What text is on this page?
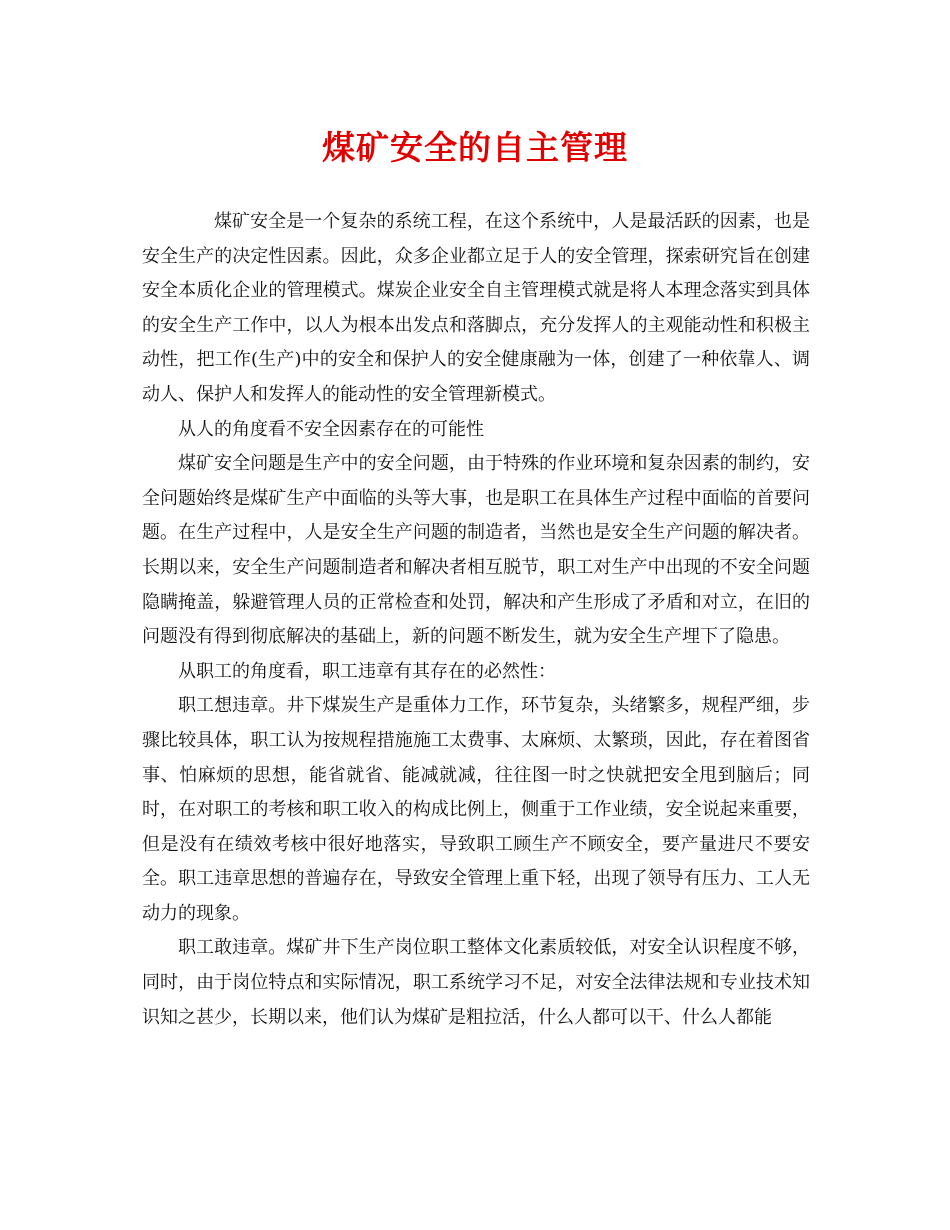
煤矿安全的自主管理

煤矿安全是一个复杂的系统工程，在这个系统中，人是最活跃的因素，也是安全生产的决定性因素。因此，众多企业都立足于人的安全管理，探索研究旨在创建安全本质化企业的管理模式。煤炭企业安全自主管理模式就是将人本理念落实到具体的安全生产工作中，以人为根本出发点和落脚点，充分发挥人的主观能动性和积极主动性，把工作(生产)中的安全和保护人的安全健康融为一体，创建了一种依靠人、调动人、保护人和发挥人的能动性的安全管理新模式。

从人的角度看不安全因素存在的可能性

煤矿安全问题是生产中的安全问题，由于特殊的作业环境和复杂因素的制约，安全问题始终是煤矿生产中面临的头等大事，也是职工在具体生产过程中面临的首要问题。在生产过程中，人是安全生产问题的制造者，当然也是安全生产问题的解决者。长期以来，安全生产问题制造者和解决者相互脱节，职工对生产中出现的不安全问题隐瞒掩盖，躲避管理人员的正常检查和处罚，解决和产生形成了矛盾和对立，在旧的问题没有得到彻底解决的基础上，新的问题不断发生，就为安全生产埋下了隐患。

从职工的角度看，职工违章有其存在的必然性：

职工想违章。井下煤炭生产是重体力工作，环节复杂，头绪繁多，规程严细，步骤比较具体，职工认为按规程措施施工太费事、太麻烦、太繁琐，因此，存在着图省事、怕麻烦的思想，能省就省、能减就减，往往图一时之快就把安全甩到脑后；同时，在对职工的考核和职工收入的构成比例上，侧重于工作业绩，安全说起来重要，但是没有在绩效考核中很好地落实，导致职工顾生产不顾安全，要产量进尺不要安全。职工违章思想的普遍存在，导致安全管理上重下轻，出现了领导有压力、工人无动力的现象。

职工敢违章。煤矿井下生产岗位职工整体文化素质较低，对安全认识程度不够，同时，由于岗位特点和实际情况，职工系统学习不足，对安全法律法规和专业技术知识知之甚少，长期以来，他们认为煤矿是粗拉活，什么人都可以干、什么人都能
